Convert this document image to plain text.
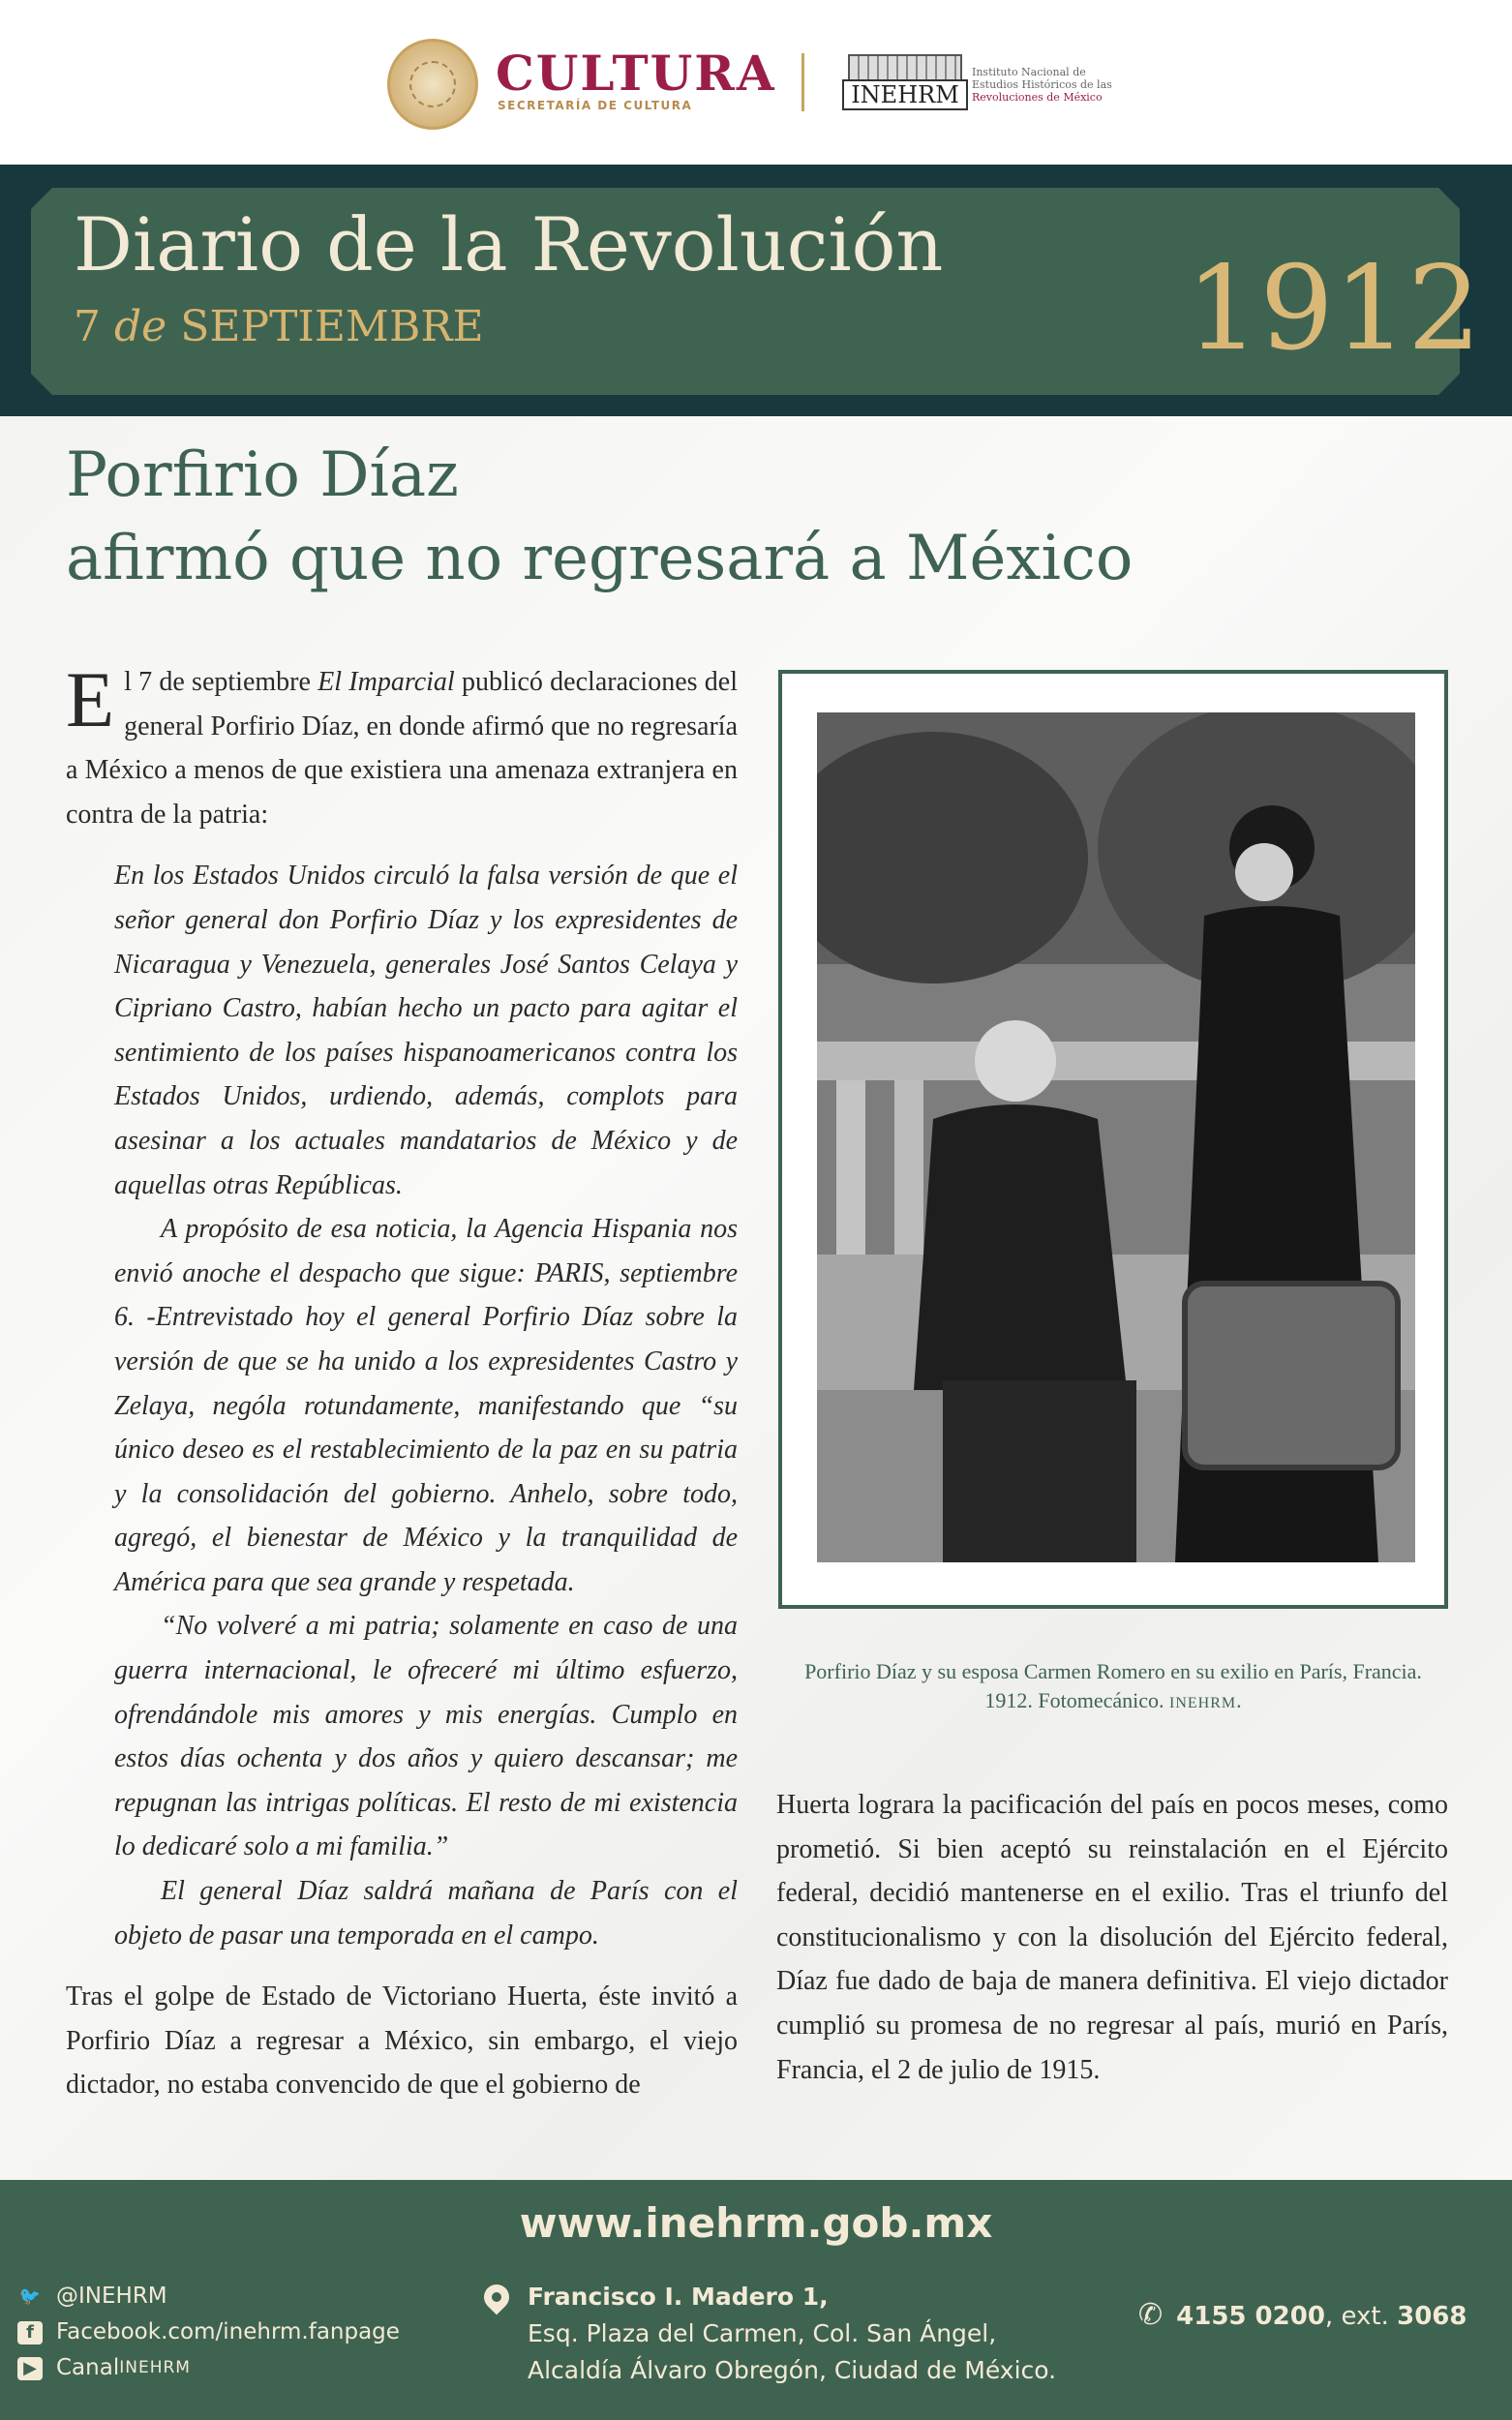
CULTURA
SECRETARÍA DE CULTURA	INEHRM
Instituto Nacional de
Estudios Históricos de las
Revoluciones de México
Diario de la Revolución
7 de SEPTIEMBRE	1912
Porfirio Díaz
afirmó que no regresará a México

El 7 de septiembre El Imparcial publicó declaraciones del general Porfirio Díaz, en donde afirmó que no regresaría a México a menos de que existiera una amenaza extranjera en contra de la patria:

En los Estados Unidos circuló la falsa versión de que el señor general don Porfirio Díaz y los expresidentes de Nicaragua y Venezuela, generales José Santos Celaya y Cipriano Castro, habían hecho un pacto para agitar el sentimiento de los países hispanoamericanos contra los Estados Unidos, urdiendo, además, complots para asesinar a los actuales mandatarios de México y de aquellas otras Repúblicas.

A propósito de esa noticia, la Agencia Hispania nos envió anoche el despacho que sigue: PARIS, septiembre 6. -Entrevistado hoy el general Porfirio Díaz sobre la versión de que se ha unido a los expresidentes Castro y Zelaya, nególa rotundamente, manifestando que “su único deseo es el restablecimiento de la paz en su patria y la consolidación del gobierno. Anhelo, sobre todo, agregó, el bienestar de México y la tranquilidad de América para que sea grande y respetada.

“No volveré a mi patria; solamente en caso de una guerra internacional, le ofreceré mi último esfuerzo, ofrendándole mis amores y mis energías. Cumplo en estos días ochenta y dos años y quiero descansar; me repugnan las intrigas políticas. El resto de mi existencia lo dedicaré solo a mi familia.”

El general Díaz saldrá mañana de París con el objeto de pasar una temporada en el campo.

Tras el golpe de Estado de Victoriano Huerta, éste invitó a Porfirio Díaz a regresar a México, sin embargo, el viejo dictador, no estaba convencido de que el gobierno de

Porfirio Díaz y su esposa Carmen Romero en su exilio en París, Francia. 1912. Fotomecánico. INEHRM.

Huerta lograra la pacificación del país en pocos meses, como prometió. Si bien aceptó su reinstalación en el Ejército federal, decidió mantenerse en el exilio. Tras el triunfo del constitucionalismo y con la disolución del Ejército federal, Díaz fue dado de baja de manera definitiva. El viejo dictador cumplió su promesa de no regresar al país, murió en París, Francia, el 2 de julio de 1915.

www.inehrm.gob.mx
🐦 @INEHRM
f	Facebook.com/inehrm.fanpage
▶ Canal INEHRM
Francisco I. Madero 1,
Esq. Plaza del Carmen, Col. San Ángel,
Alcaldía Álvaro Obregón, Ciudad de México.
✆ 4155 0200, ext. 3068
